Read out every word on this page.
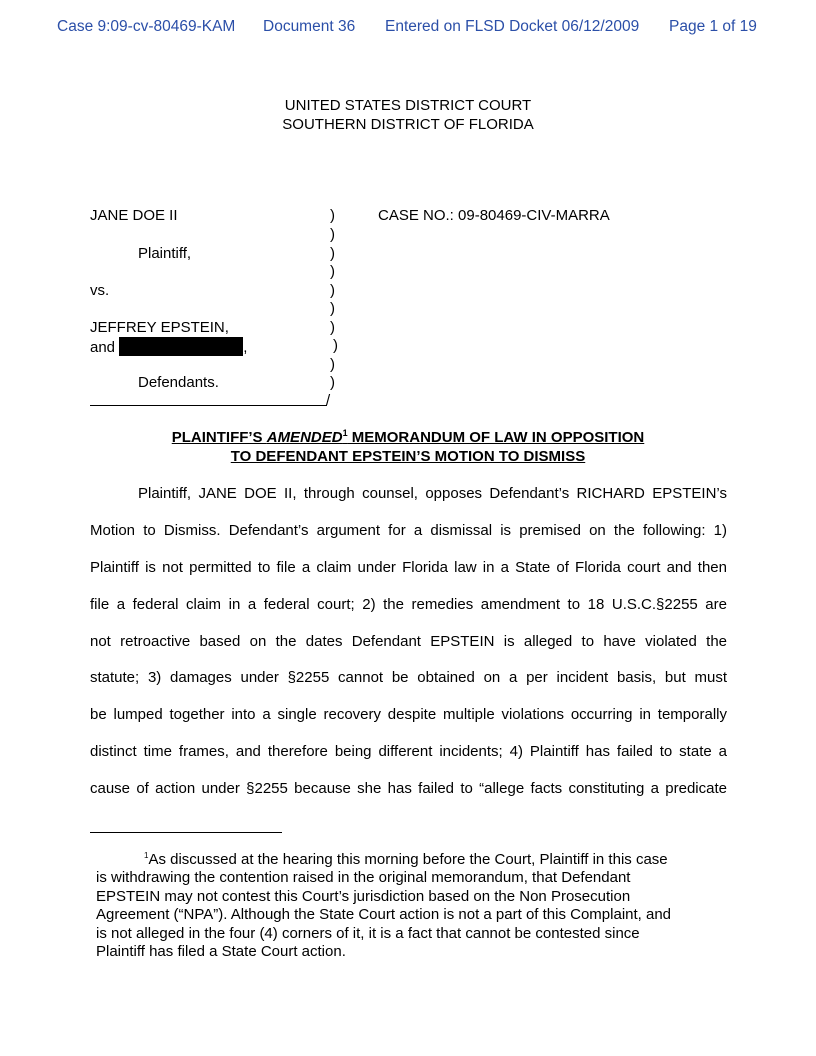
Case 9:09-cv-80469-KAM Document 36 Entered on FLSD Docket 06/12/2009 Page 1 of 19
UNITED STATES DISTRICT COURT
SOUTHERN DISTRICT OF FLORIDA
JANE DOE II
Plaintiff,
vs.
JEFFREY EPSTEIN,
and	,
Defendants.
)
)
)
)
)
)
)
)
)
)
/
CASE NO.: 09-80469-CIV-MARRA
PLAINTIFF’S AMENDED$^1$ MEMORANDUM OF LAW IN OPPOSITION
TO DEFENDANT EPSTEIN’S MOTION TO DISMISS
Plaintiff, JANE DOE II, through counsel, opposes Defendant’s RICHARD EPSTEIN’s
Motion to Dismiss. Defendant’s argument for a dismissal is premised on the following: 1)
Plaintiff is not permitted to file a claim under Florida law in a State of Florida court and then
file a federal claim in a federal court; 2) the remedies amendment to 18 U.S.C.§2255 are
not retroactive based on the dates Defendant EPSTEIN is alleged to have violated the
statute; 3) damages under §2255 cannot be obtained on a per incident basis, but must
be lumped together into a single recovery despite multiple violations occurring in temporally
distinct time frames, and therefore being different incidents; 4) Plaintiff has failed to state a
cause of action under §2255 because she has failed to “allege facts constituting a predicate
$^1$As discussed at the hearing this morning before the Court, Plaintiff in this case
is withdrawing the contention raised in the original memorandum, that Defendant
EPSTEIN may not contest this Court’s jurisdiction based on the Non Prosecution
Agreement (“NPA”). Although the State Court action is not a part of this Complaint, and
is not alleged in the four (4) corners of it, it is a fact that cannot be contested since
Plaintiff has filed a State Court action.
